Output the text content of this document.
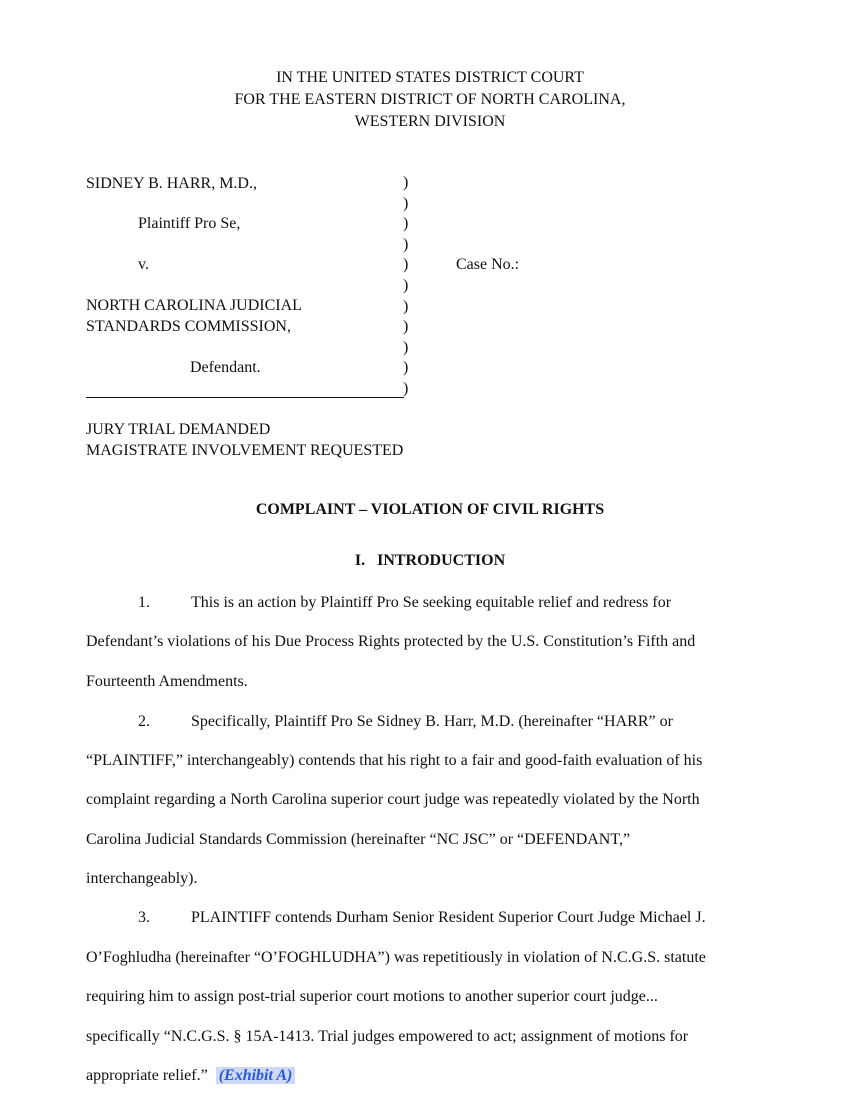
IN THE UNITED STATES DISTRICT COURT
FOR THE EASTERN DISTRICT OF NORTH CAROLINA,
WESTERN DIVISION
SIDNEY B. HARR, M.D.,
Plaintiff Pro Se,
v.
NORTH CAROLINA JUDICIAL
STANDARDS COMMISSION,
Defendant.
)
)
)
)
)
)
)
)
)
)
)
Case No.:
JURY TRIAL DEMANDED
MAGISTRATE INVOLVEMENT REQUESTED
COMPLAINT – VIOLATION OF CIVIL RIGHTS
I.   INTRODUCTION
1.	This is an action by Plaintiff Pro Se seeking equitable relief and redress for
Defendant’s violations of his Due Process Rights protected by the U.S. Constitution’s Fifth and
Fourteenth Amendments.
2.	Specifically, Plaintiff Pro Se Sidney B. Harr, M.D. (hereinafter “HARR” or
“PLAINTIFF,” interchangeably) contends that his right to a fair and good-faith evaluation of his
complaint regarding a North Carolina superior court judge was repeatedly violated by the North
Carolina Judicial Standards Commission (hereinafter “NC JSC” or “DEFENDANT,”
interchangeably).
3.	PLAINTIFF contends Durham Senior Resident Superior Court Judge Michael J.
O’Foghludha (hereinafter “O’FOGHLUDHA”) was repetitiously in violation of N.C.G.S. statute
requiring him to assign post-trial superior court motions to another superior court judge...
specifically “N.C.G.S. § 15A-1413. Trial judges empowered to act; assignment of motions for
appropriate relief.” (Exhibit A)
